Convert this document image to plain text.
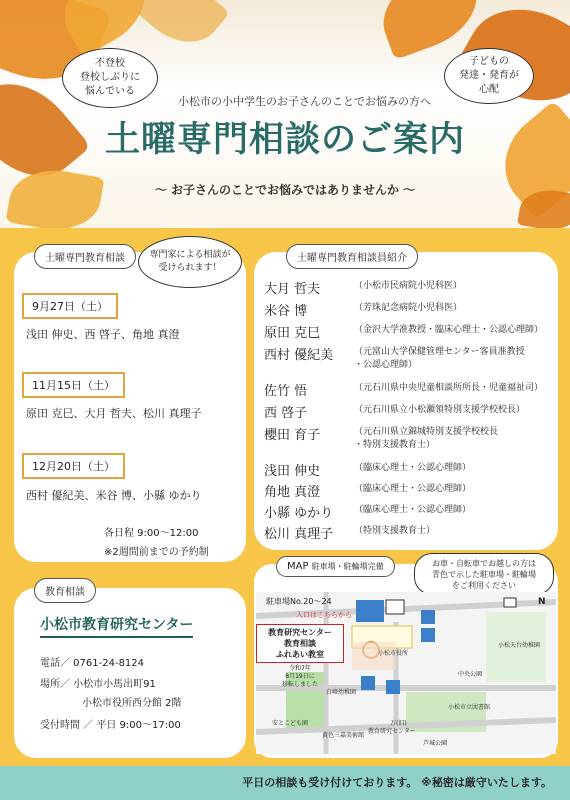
不登校
登校しぶりに
悩んでいる
子どもの
発達・発育が
心配
小松市の小中学生のお子さんのことでお悩みの方へ
土曜専門相談のご案内
～ お子さんのことでお悩みではありませんか ～
土曜専門教育相談	専門家による相談が
受けられます！
9月27日（土）
浅田 伸史、西 啓子、角地 真澄
11月15日（土）
原田 克巳、大月 哲夫、松川 真理子
12月20日（土）
西村 優紀美、米谷 博、小縣 ゆかり
各日程 9:00～12:00
※2週間前までの予約制
土曜専門教育相談員紹介
大月 哲夫	（小松市民病院小児科医）
米谷 博	（芳珠記念病院小児科医）
原田 克巳	（金沢大学准教授・臨床心理士・公認心理師）
西村 優紀美	（元富山大学保健管理センター客員准教授
・公認心理師）
佐竹 悟	（元石川県中央児童相談所所長・児童福祉司）
西 啓子	（元石川県立小松瀬領特別支援学校校長）
櫻田 育子	（元石川県立錦城特別支援学校校長
・特別支援教育士）
浅田 伸史	（臨床心理士・公認心理師）
角地 真澄	（臨床心理士・公認心理師）
小縣 ゆかり	（臨床心理士・公認心理師）
松川 真理子	（特別支援教育士）
教育相談
小松市教育研究センター
電話／ 0761-24-8124
場所／ 小松市小馬出町91
小松市役所西分館 2階
受付時間 ／ 平日 9:00～17:00
MAP 駐車場・駐輪場完備	お車・自転車でお越しの方は
青色で示した駐車場・駐輪場
をご利用ください
駐車場No.20～24
入口はこちらから
教育研究センター
教育相談
ふれあい教室
令和7年
8月19日に
移転しました
N
小松市役所
白峰幼稚園
中央公園
芦城公園
小松市立図書館
安とこども園
教育研究センター
小松天台幼稚園
万(旧)
黄色三嘉美術館
平日の相談も受け付けております。 ※秘密は厳守いたします。
